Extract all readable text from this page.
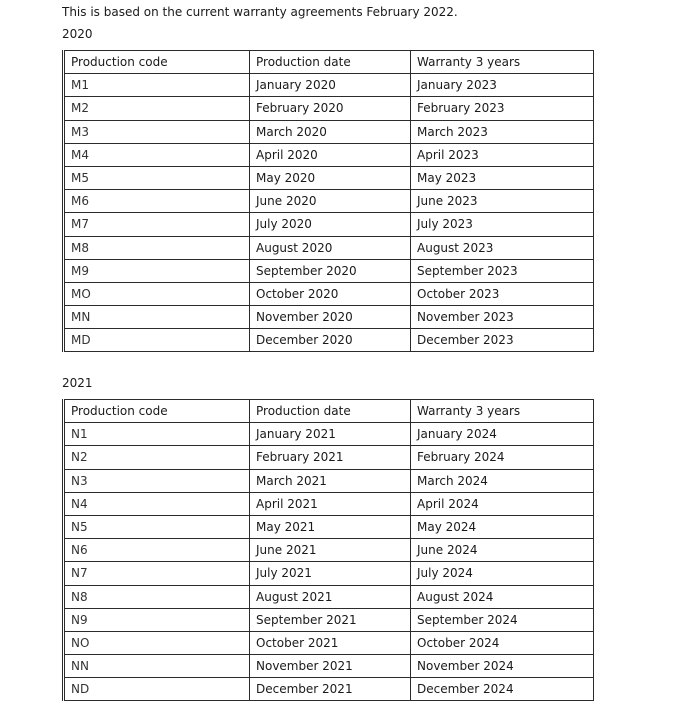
This is based on the current warranty agreements February 2022.
2020
Production code	Production date	Warranty 3 years
M1	January 2020	January 2023
M2	February 2020	February 2023
M3	March 2020	March 2023
M4	April 2020	April 2023
M5	May 2020	May 2023
M6	June 2020	June 2023
M7	July 2020	July 2023
M8	August 2020	August 2023
M9	September 2020	September 2023
MO	October 2020	October 2023
MN	November 2020	November 2023
MD	December 2020	December 2023
2021
Production code	Production date	Warranty 3 years
N1	January 2021	January 2024
N2	February 2021	February 2024
N3	March 2021	March 2024
N4	April 2021	April 2024
N5	May 2021	May 2024
N6	June 2021	June 2024
N7	July 2021	July 2024
N8	August 2021	August 2024
N9	September 2021	September 2024
NO	October 2021	October 2024
NN	November 2021	November 2024
ND	December 2021	December 2024
